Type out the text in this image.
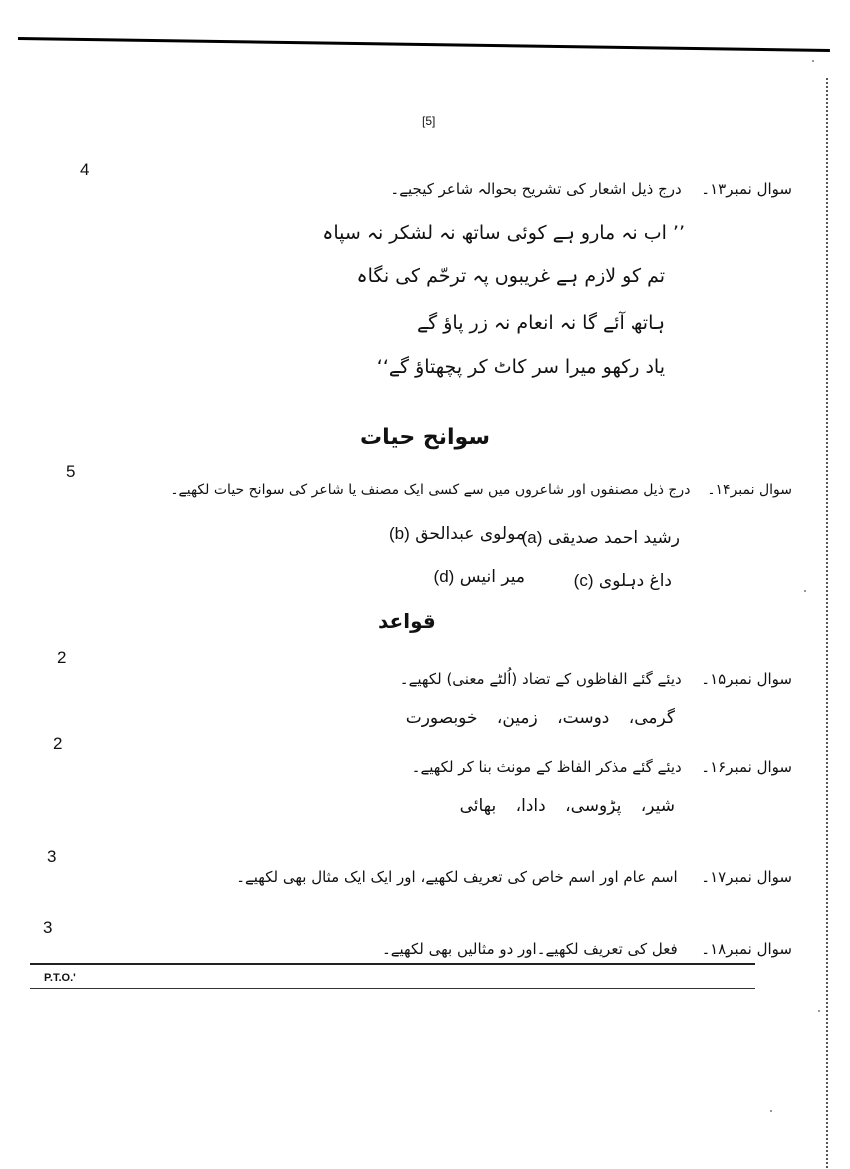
[5]
4
سوال نمبر۱۳۔  درج ذیل اشعار کی تشریح بحوالہ شاعر کیجیے۔
’’ اب نہ مارو ہے کوئی ساتھ نہ لشکر نہ سپاہ
تم کو لازم ہے غریبوں پہ ترحّم کی نگاہ
ہاتھ آئے گا نہ انعام نہ زر پاؤ گے
یاد رکھو میرا سر کاٹ کر پچھتاؤ گے‘‘
سوانح حیات
5
سوال نمبر۱۴۔  درج ذیل مصنفوں اور شاعروں میں سے کسی ایک مصنف یا شاعر کی سوانح حیات لکھیے۔
(a) رشید احمد صدیقی
(b) مولوی عبدالحق
(c) داغ دہلوی
(d) میر انیس
قواعد
2
سوال نمبر۱۵۔  دیئے گئے الفاظوں کے تضاد (اُلٹے معنی) لکھیے۔
گرمی، دوست، زمین، خوبصورت
2
سوال نمبر۱۶۔  دیئے گئے مذکر الفاظ کے مونث بنا کر لکھیے۔
شیر، پڑوسی، دادا، بھائی
3
سوال نمبر۱۷۔  اسم عام اور اسم خاص کی تعریف لکھیے، اور ایک ایک مثال بھی لکھیے۔
3
سوال نمبر۱۸۔  فعل کی تعریف لکھیے۔اور دو مثالیں بھی لکھیے۔
P.T.O.'
